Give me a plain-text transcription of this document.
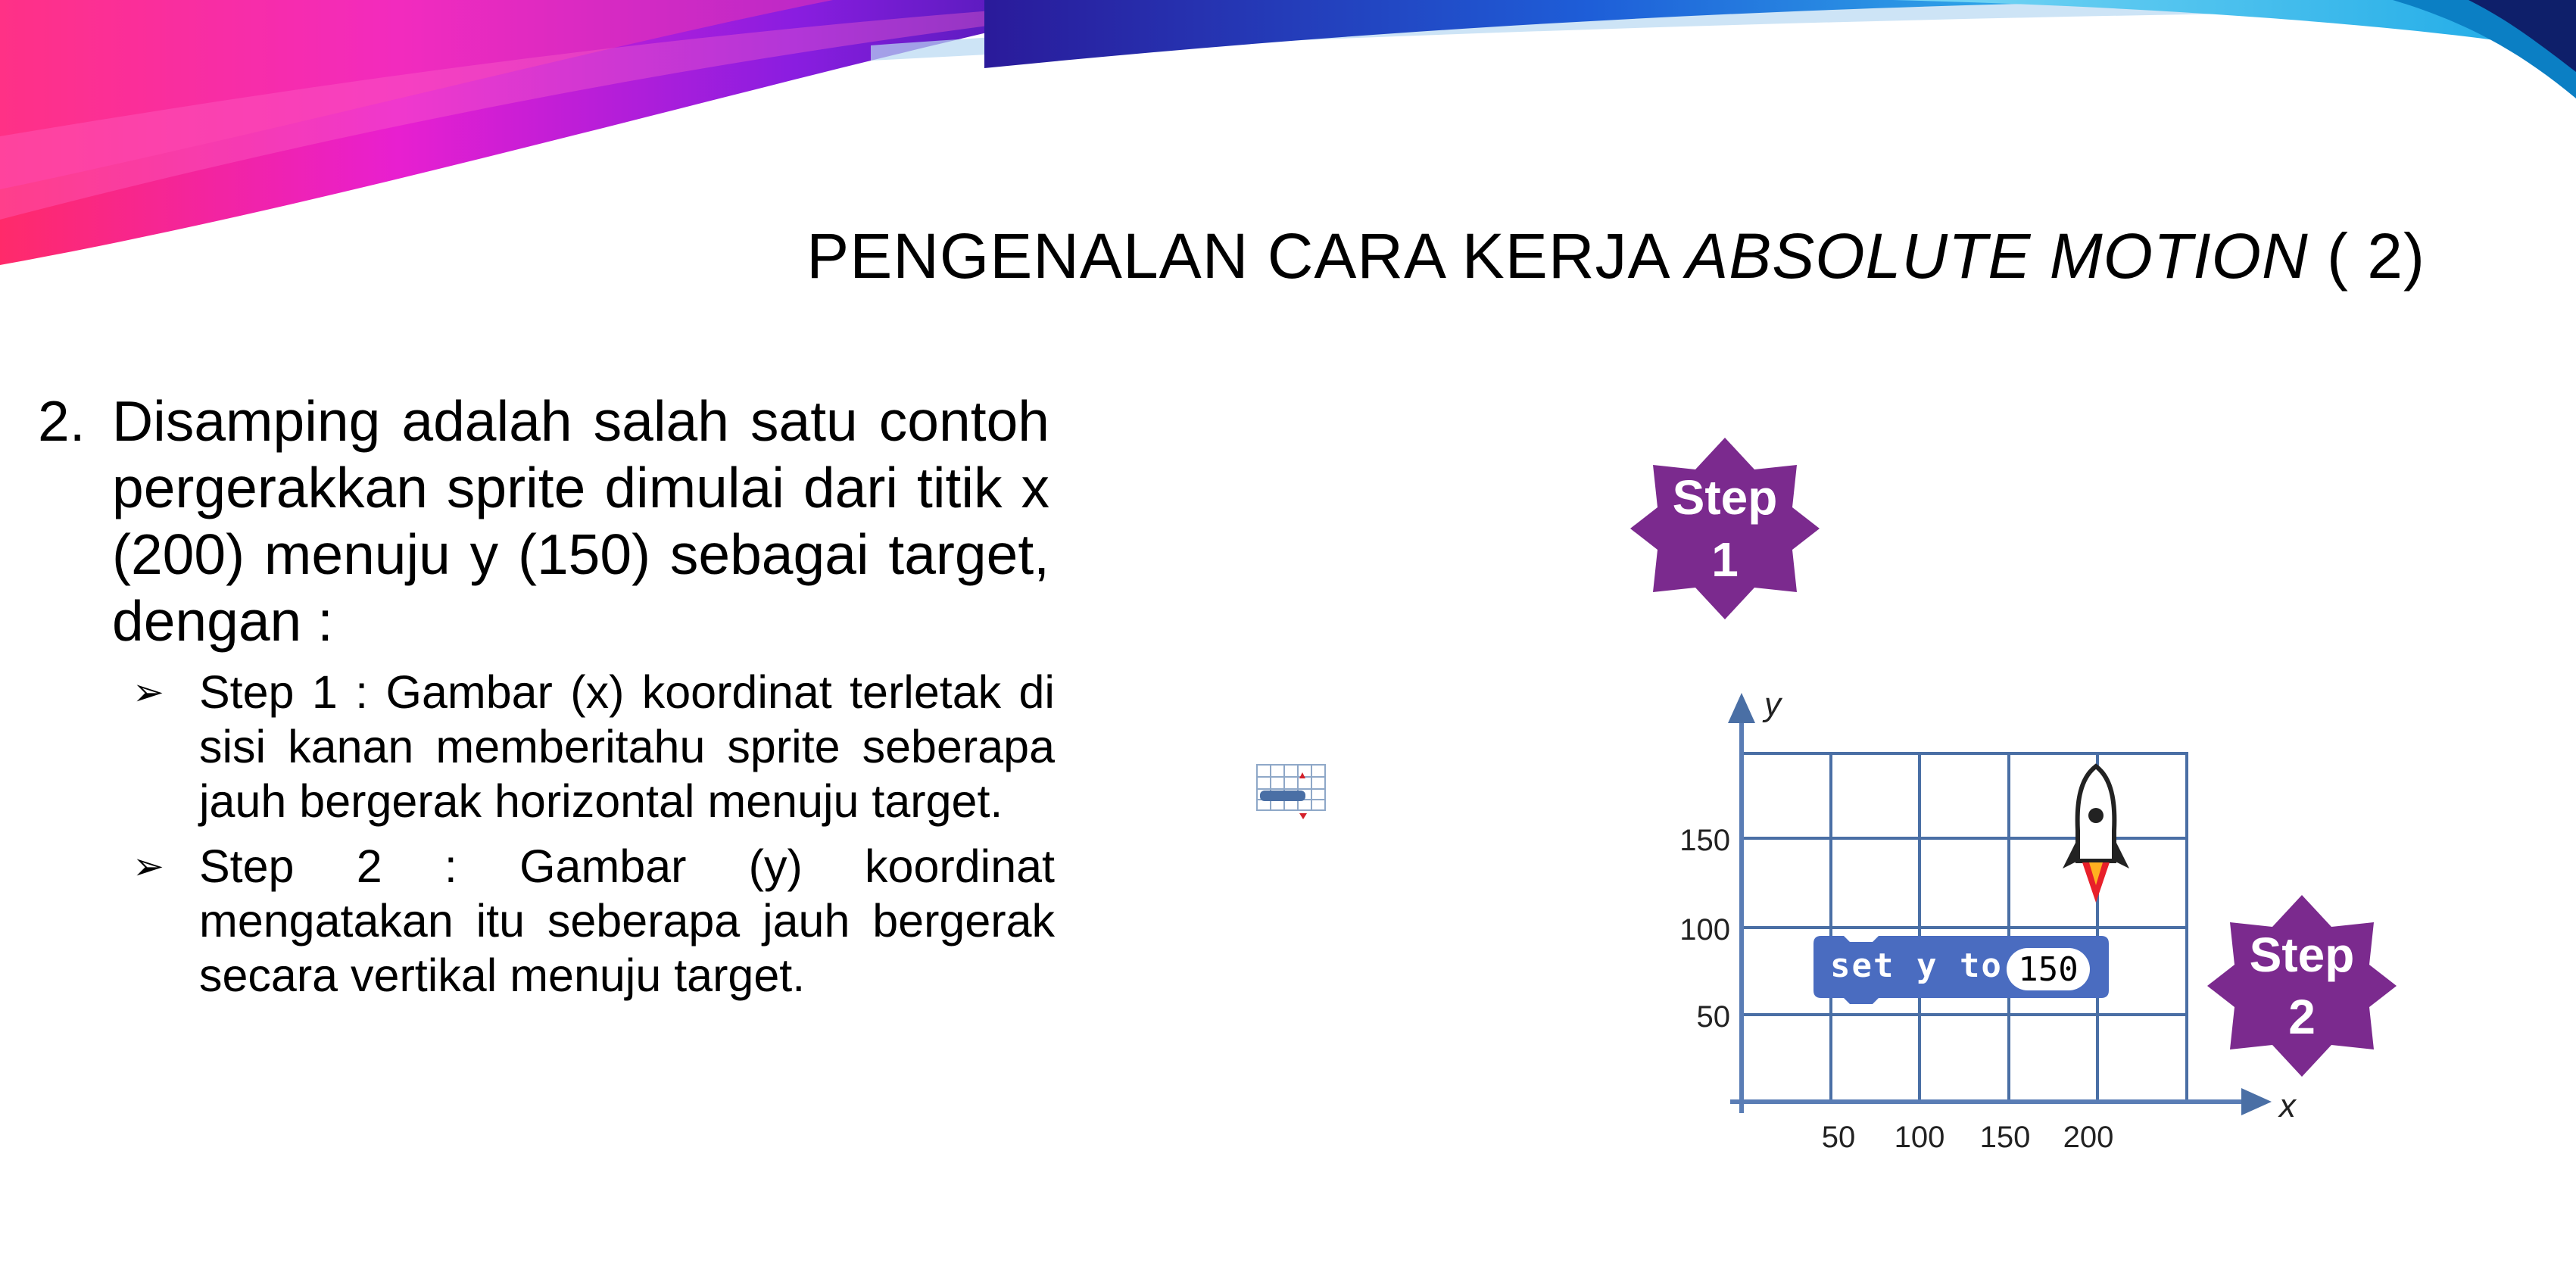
PENGENALAN CARA KERJA ABSOLUTE MOTION ( 2)
2. Disamping adalah salah satu contoh pergerakkan sprite dimulai dari titik x (200) menuju y (150) sebagai target, dengan :
➢ Step 1 : Gambar (x) koordinat terletak di sisi kanan memberitahu sprite seberapa jauh bergerak horizontal menuju target.
➢ Step 2 : Gambar (y) koordinat mengatakan itu seberapa jauh bergerak secara vertikal menuju target.
Step
1
y
x
150
100
50
50 100 150 200
set y to 150	Step
2
